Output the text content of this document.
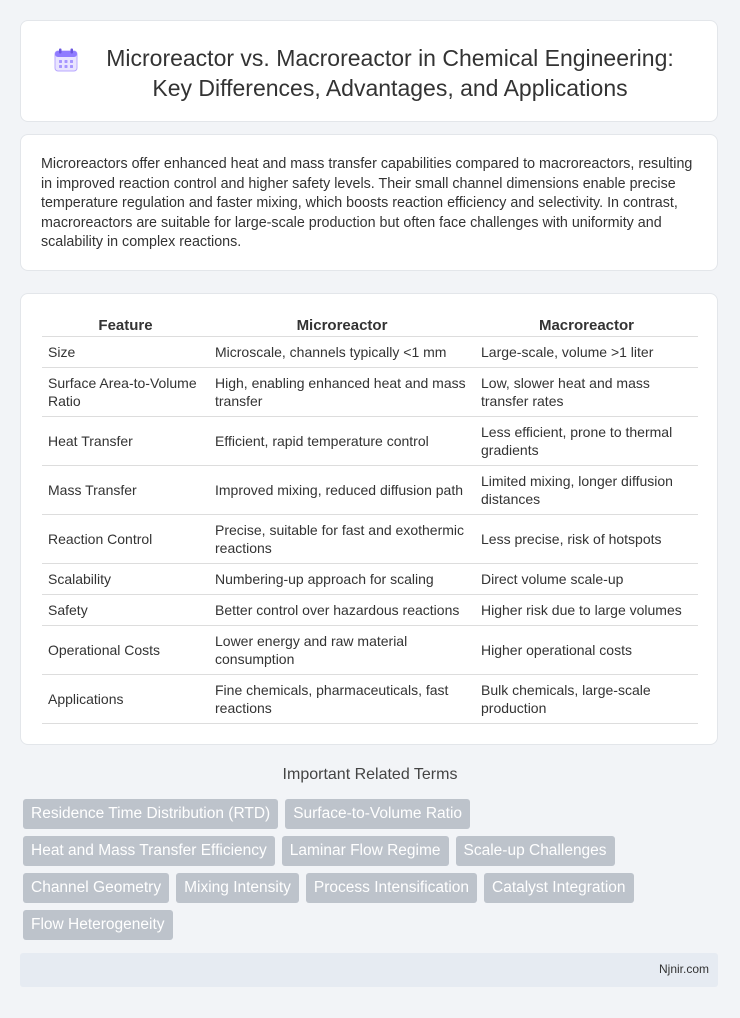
Microreactor vs. Macroreactor in Chemical Engineering: Key Differences, Advantages, and Applications

Microreactors offer enhanced heat and mass transfer capabilities compared to macroreactors, resulting in improved reaction control and higher safety levels. Their small channel dimensions enable precise temperature regulation and faster mixing, which boosts reaction efficiency and selectivity. In contrast, macroreactors are suitable for large-scale production but often face challenges with uniformity and scalability in complex reactions.

Feature	Microreactor	Macroreactor
Size	Microscale, channels typically <1 mm	Large-scale, volume >1 liter
Surface Area-to-Volume Ratio	High, enabling enhanced heat and mass transfer	Low, slower heat and mass transfer rates
Heat Transfer	Efficient, rapid temperature control	Less efficient, prone to thermal gradients
Mass Transfer	Improved mixing, reduced diffusion path	Limited mixing, longer diffusion distances
Reaction Control	Precise, suitable for fast and exothermic reactions	Less precise, risk of hotspots
Scalability	Numbering-up approach for scaling	Direct volume scale-up
Safety	Better control over hazardous reactions	Higher risk due to large volumes
Operational Costs	Lower energy and raw material consumption	Higher operational costs
Applications	Fine chemicals, pharmaceuticals, fast reactions	Bulk chemicals, large-scale production
Important Related Terms
Residence Time Distribution (RTD)	Surface-to-Volume Ratio
Heat and Mass Transfer Efficiency	Laminar Flow Regime	Scale-up Challenges
Channel Geometry	Mixing Intensity	Process Intensification	Catalyst Integration
Flow Heterogeneity
Njnir.com
